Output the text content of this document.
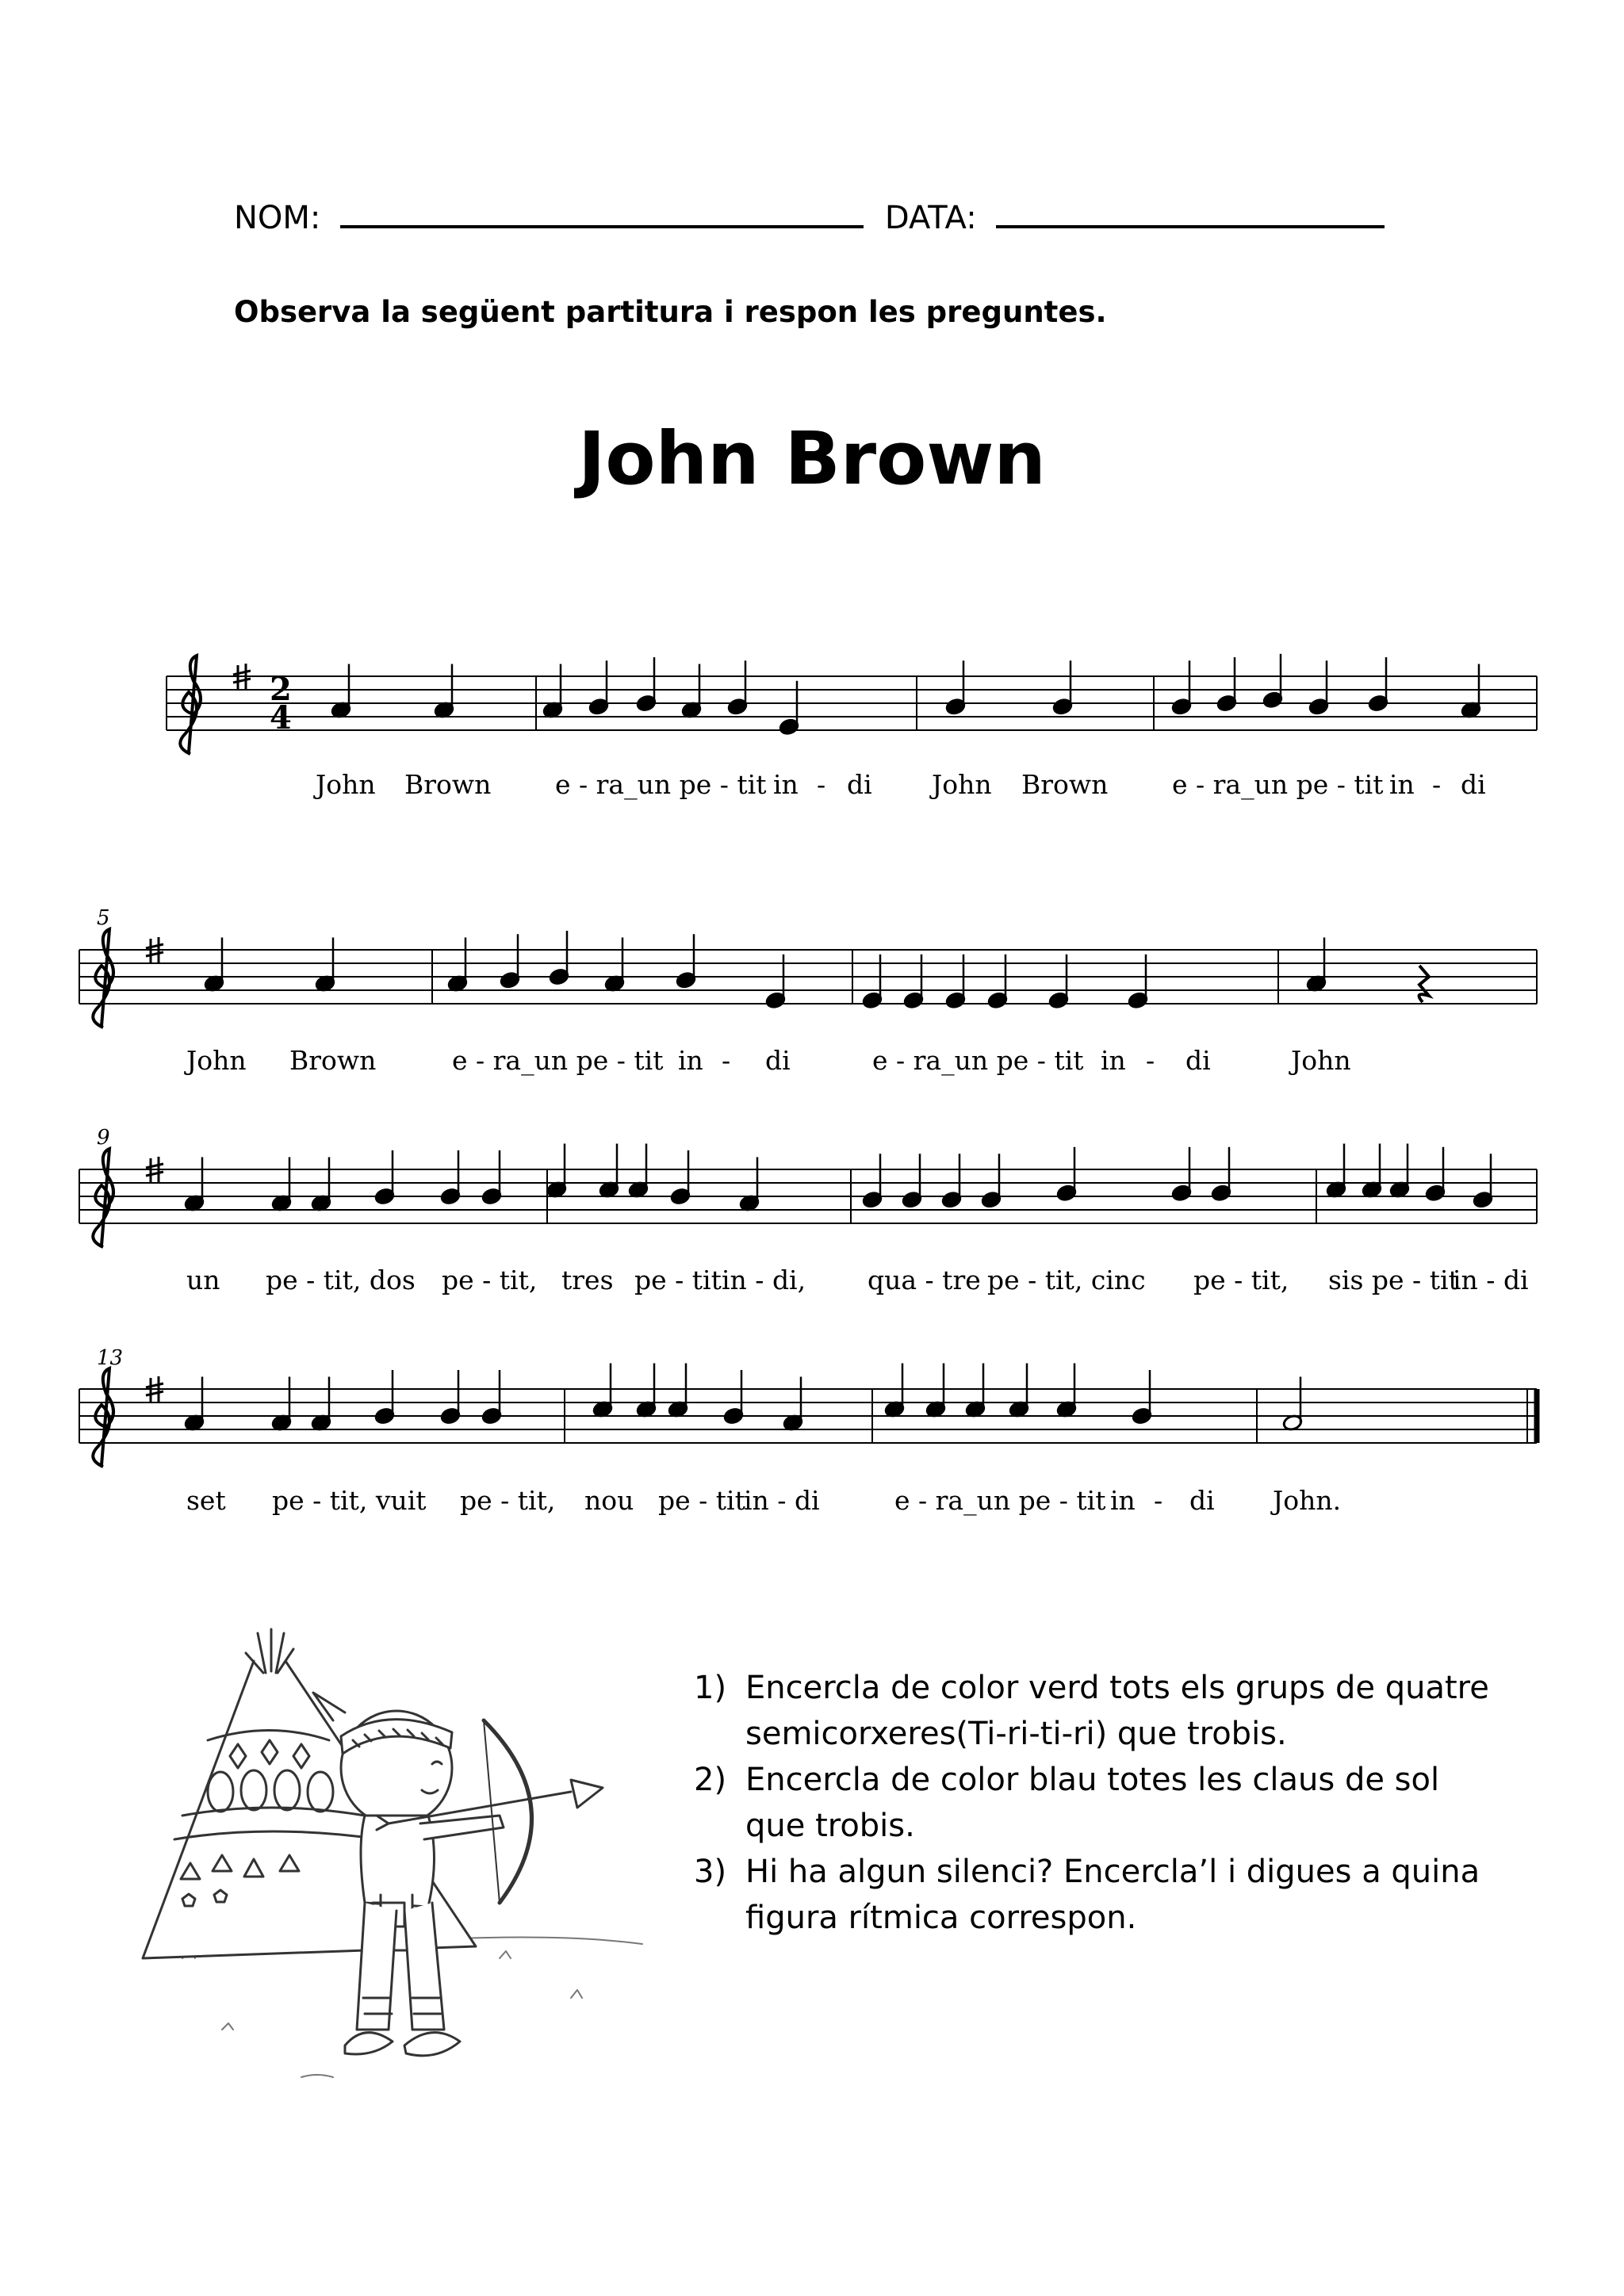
NOM:	DATA:
Observa la següent partitura i respon les preguntes.
John Brown
5
9
13
2
4
John Brown e - ra_un pe - tit in - di John Brown e - ra_un pe - tit in - di
John Brown	e - ra_un pe - tit in - di	e - ra_un pe - tit in - di	John
un pe - tit, dos pe - tit, tres pe - tit in - di, qua - tre pe - tit, cinc pe - tit, sis pe - tit
in - di
set pe - tit, vuit pe - tit, nou pe - tit
in - di	e - ra_un pe - tit in - di John.
1) Encercla de color verd tots els grups de quatre semicorxeres(Ti-ri-ti-ri) que trobis.
2) Encercla de color blau totes les claus de sol que trobis.
3) Hi ha algun silenci? Encercla’l i digues a quina figura rítmica correspon.
